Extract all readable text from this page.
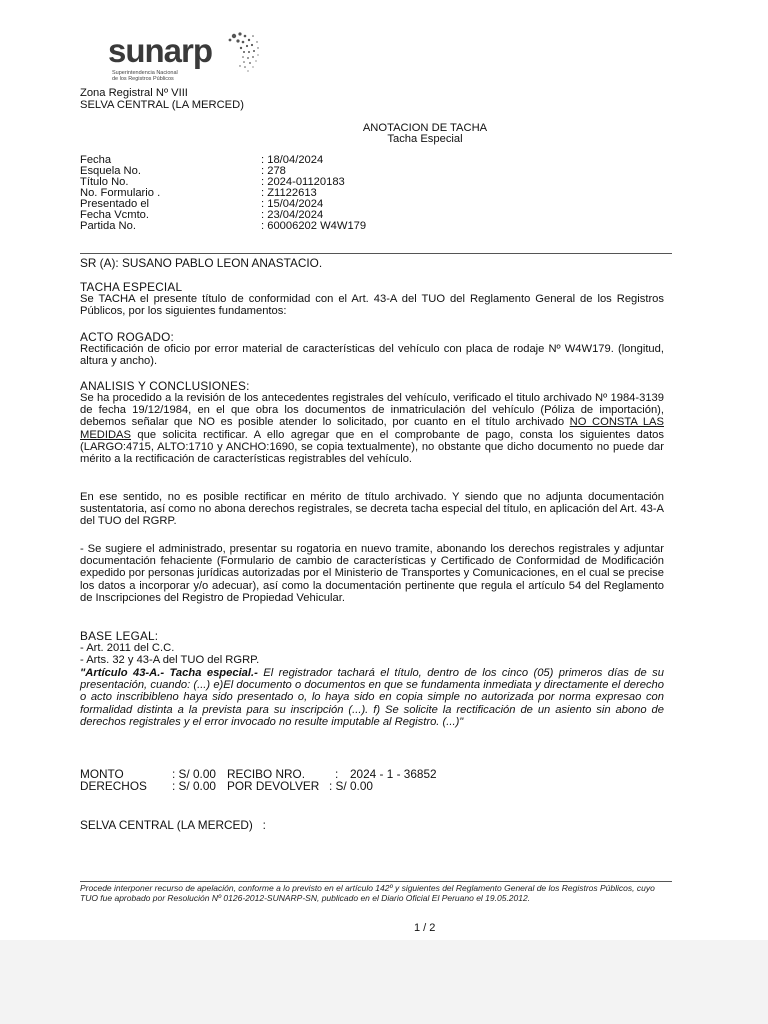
sunarp
Superintendencia Nacional
de los Registros Públicos
Zona Registral Nº VIII
SELVA CENTRAL (LA MERCED)
ANOTACION DE TACHA
Tacha Especial
Fecha	: 18/04/2024
Esquela No.	: 278
Título No.	: 2024-01120183
No. Formulario .	: Z1122613
Presentado el	: 15/04/2024
Fecha Vcmto.	: 23/04/2024
Partida No.	: 60006202 W4W179
SR (A): SUSANO PABLO LEON ANASTACIO.
TACHA ESPECIAL
Se TACHA el presente título de conformidad con el Art. 43-A del TUO del Reglamento General de los Registros Públicos, por los siguientes fundamentos:
ACTO ROGADO:
Rectificación de oficio por error material de características del vehículo con placa de rodaje Nº W4W179. (longitud, altura y ancho).
ANALISIS Y CONCLUSIONES:
Se ha procedido a la revisión de los antecedentes registrales del vehículo, verificado el titulo archivado Nº 1984-3139 de fecha 19/12/1984, en el que obra los documentos de inmatriculación del vehículo (Póliza de importación), debemos señalar que NO es posible atender lo solicitado, por cuanto en el título archivado NO CONSTA LAS MEDIDAS que solicita rectificar. A ello agregar que en el comprobante de pago, consta los siguientes datos (LARGO:4715, ALTO:1710 y ANCHO:1690, se copia textualmente), no obstante que dicho documento no puede dar mérito a la rectificación de características registrables del vehículo.
En ese sentido, no es posible rectificar en mérito de título archivado. Y siendo que no adjunta documentación sustentatoria, así como no abona derechos registrales, se decreta tacha especial del título, en aplicación del Art. 43-A del TUO del RGRP.
- Se sugiere el administrado, presentar su rogatoria en nuevo tramite, abonando los derechos registrales y adjuntar documentación fehaciente (Formulario de cambio de características y Certificado de Conformidad de Modificación expedido por personas jurídicas autorizadas por el Ministerio de Transportes y Comunicaciones, en el cual se precise los datos a incorporar y/o adecuar), así como la documentación pertinente que regula el artículo 54 del Reglamento de Inscripciones del Registro de Propiedad Vehicular.
BASE LEGAL:
- Art. 2011 del C.C.
- Arts. 32 y 43-A del TUO del RGRP.
"Artículo 43-A.- Tacha especial.- El registrador tachará el título, dentro de los cinco (05) primeros días de su presentación, cuando: (...) e)El documento o documentos en que se fundamenta inmediata y directamente el derecho o acto inscribibleno haya sido presentado o, lo haya sido en copia simple no autorizada por norma expresao con formalidad distinta a la prevista para su inscripción (...). f) Se solicite la rectificación de un asiento sin abono de derechos registrales y el error invocado no resulte imputable al Registro. (...)"
MONTO	: S/ 0.00 RECIBO NRO.	: 2024 - 1 - 36852
DERECHOS : S/ 0.00 POR DEVOLVER : S/ 0.00
SELVA CENTRAL (LA MERCED)   :
Procede interponer recurso de apelación, conforme a lo previsto en el artículo 142º y siguientes del Reglamento General de los Registros Públicos, cuyo TUO fue aprobado por Resolución Nº 0126-2012-SUNARP-SN, publicado en el Diario Oficial El Peruano el 19.05.2012.
1 / 2
